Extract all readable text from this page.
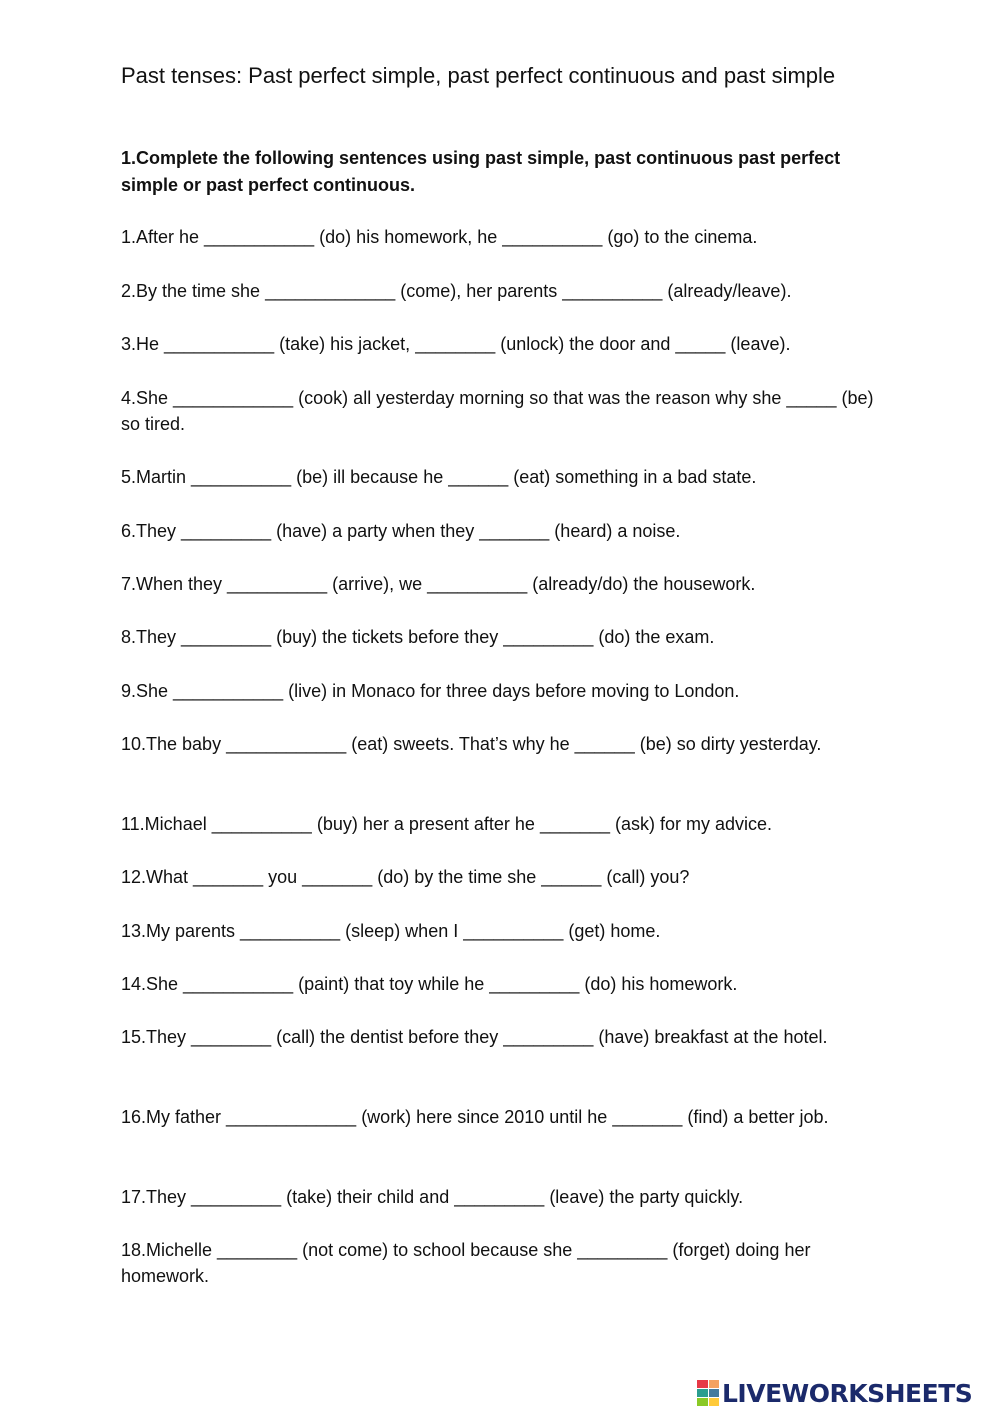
Past tenses: Past perfect simple, past perfect continuous and past simple

1.Complete the following sentences using past simple, past continuous past perfect simple or past perfect continuous.

1.After he ___________ (do) his homework, he __________ (go) to the cinema.
2.By the time she _____________ (come), her parents __________ (already/leave).
3.He ___________ (take) his jacket, ________ (unlock) the door and _____ (leave).
4.She ____________ (cook) all yesterday morning so that was the reason why she _____ (be) so tired.
5.Martin __________ (be) ill because he ______ (eat) something in a bad state.
6.They _________ (have) a party when they _______ (heard) a noise.
7.When they __________ (arrive), we __________ (already/do) the housework.
8.They _________ (buy) the tickets before they _________ (do) the exam.
9.She ___________ (live) in Monaco for three days before moving to London.
10.The baby ____________ (eat) sweets. That’s why he ______ (be) so dirty yesterday.
11.Michael __________ (buy) her a present after he _______ (ask) for my advice.
12.What _______ you _______ (do) by the time she ______ (call) you?
13.My parents __________ (sleep) when I __________ (get) home.
14.She ___________ (paint) that toy while he _________ (do) his homework.
15.They ________ (call) the dentist before they _________ (have) breakfast at the hotel.
16.My father _____________ (work) here since 2010 until he _______ (find) a better job.
17.They _________ (take) their child and _________ (leave) the party quickly.
18.Michelle ________ (not come) to school because she _________ (forget) doing her homework.
LIVEWORKSHEETS
